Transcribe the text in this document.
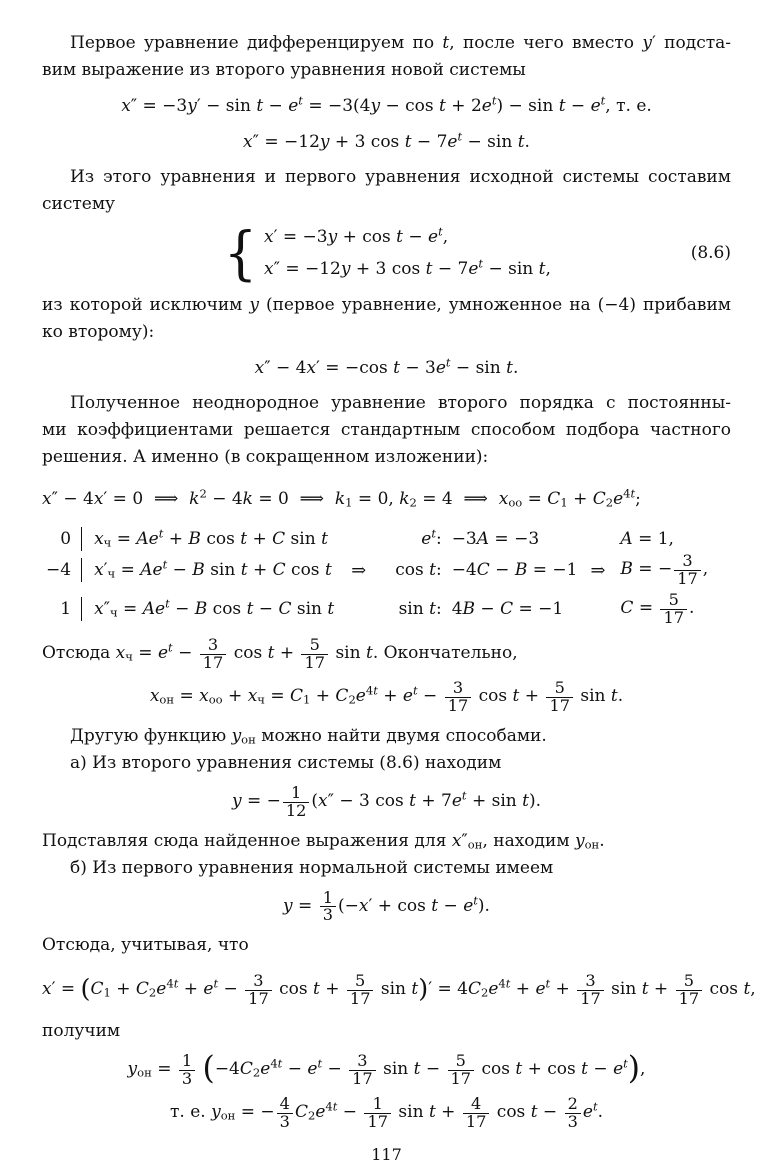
Первое уравнение дифференцируем по t, после чего вместо y′ подста-
вим выражение из второго уравнения новой системы
$x'' = -3y' - \sin t - e^t = -3(4y - \cos t + 2e^t) - \sin t - e^t$, т. е.
x″ = −12y + 3 $\cos t - 7e^t - \sin t$.
Из этого уравнения и первого уравнения исходной системы составим
систему
{ $x' = -3y + \cos t - e^t$,
x″ = −12y + 3 $\cos t - 7e^t - \sin t$,
(8.6)
из которой исключим y (первое уравнение, умноженное на (−4) прибавим
ко второму):
x″ − 4x′ = −cos $t - 3e^t - \sin t$.
Полученное неоднородное уравнение второго порядка с постоянны-
ми коэффициентами решается стандартным способом подбора частного
решения. А именно (в сокращенном изложении):
x″ − 4x′ = 0  ⟹  $k^2 - 4k = 0$  ⟹  $k_1 = 0$, $k_2 = 4$  ⟹  $x_{оо} = C_1 + C_2e^{4t}$;
0	$x_ч = Ae^t + B$ cos t + C sin t	$e^t$: −3A = −3	A = 1,
−4	$x'_ч = Ae^t - B$ sin t + C cos t	⇒	cos t: −4C − B = −1 ⇒ B = − $\frac{3}{17}$ ,
1	$x''_ч = Ae^t - B$ cos t − C sin t	sin t: 4B − C = −1	$C = \frac{5}{17}$ .
Отсюда $x_ч = e^t - \frac{3}{17}$ $\cos t + \frac{5}{17}$ sin t. Окончательно,
$x_{он} = x_{оо} + x_ч = C_1 + C_2e^{4t} + e^t - \frac{3}{17}$ $\cos t + \frac{5}{17}$ sin t.
Другую функцию $y_{он}$ можно найти двумя способами.
а) Из второго уравнения системы (8.6) находим
y = − $\frac{1}{12} (x'' - 3$ $\cos t + 7e^t + \sin t$).
Подставляя сюда найденное выражения для $x''_{он}$, находим $y_{он}$.
б) Из первого уравнения нормальной системы имеем
$y = \frac{1}{3} (-x' + \cos t - e^t)$.
Отсюда, учитывая, что
$x' = (C_1 + C_2e^{4t} + e^t - \frac{3}{17}$ $\cos t + \frac{5}{17}$ $\sin t)' = 4C_2e^{4t} + e^t + \frac{3}{17}$ $\sin t + \frac{5}{17}$ cos t,
получим
$y_{он} = \frac{1}{3} (-4C_2e^{4t} - e^t - \frac{3}{17}$ $\sin t - \frac{5}{17}$ $\cos t + \cos t - e^t$),
т. е. $y_{он}$ = − $\frac{4}{3} C_2e^{4t} - \frac{1}{17}$ $\sin t + \frac{4}{17}$ $\cos t - \frac{2}{3} e^t$.
117
